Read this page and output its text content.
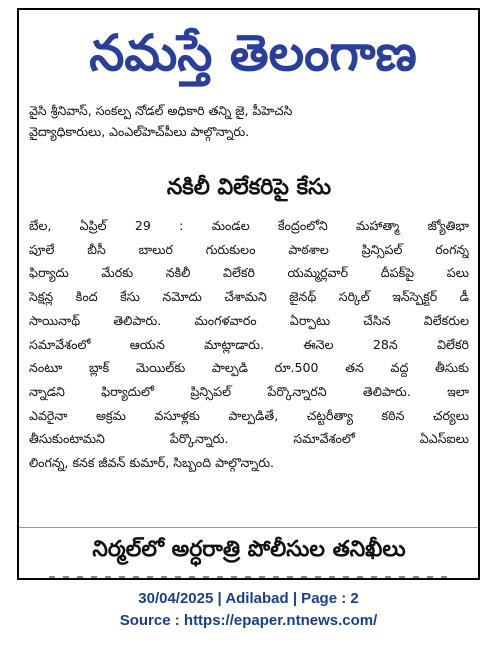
నమస్తే తెలంగాణ
వైసి శ్రీనివాస్, సంకల్ప నోడల్ అధికారి తన్ని జై, పీహెచసి
వైద్యాధికారులు, ఎంఎల్‌హెచ్‌పీలు పాల్గొన్నారు.
నకిలీ విలేకరిపై కేసు
బేల, ఏప్రిల్ 29 : మండల కేంద్రంలోని మహాత్మా జ్యోతిభా
పూలే బీసీ బాలుర గురుకులం పాఠశాల ప్రిన్సిపల్ రంగన్న
ఫిర్యాదు మేరకు నకిలీ విలేకరి యమ్మర్లవార్ దీపక్‌పై పలు
సెక్షన్ల కింద కేసు నమోదు చేశామని జైనథ్ సర్కిల్ ఇన్‌స్పెక్టర్ డీ
సాయినాథ్ తెలిపారు. మంగళవారం ఏర్పాటు చేసిన విలేకరుల
సమావేశంలో ఆయన మాట్లాడారు. ఈనెల 28న విలేకరి
నంటూ బ్లాక్ మెయిల్‌కు పాల్పడి రూ.500 తన వద్ద తీసుకు
న్నాడని ఫిర్యాదులో ప్రిన్సిపల్ పేర్కొన్నారని తెలిపారు. ఇలా
ఎవరైనా అక్రమ వసూళ్లకు పాల్పడితే, చట్టరీత్యా కఠిన చర్యలు
తీసుకుంటామని పేర్కొన్నారు. సమావేశంలో ఏఎస్ఐలు
లింగన్న, కనక జీవన్ కుమార్, సిబ్బంది పాల్గొన్నారు.
నిర్మల్‌లో అర్ధరాత్రి పోలీసుల తనిఖీలు
30/04/2025 | Adilabad | Page : 2
Source : https://epaper.ntnews.com/
